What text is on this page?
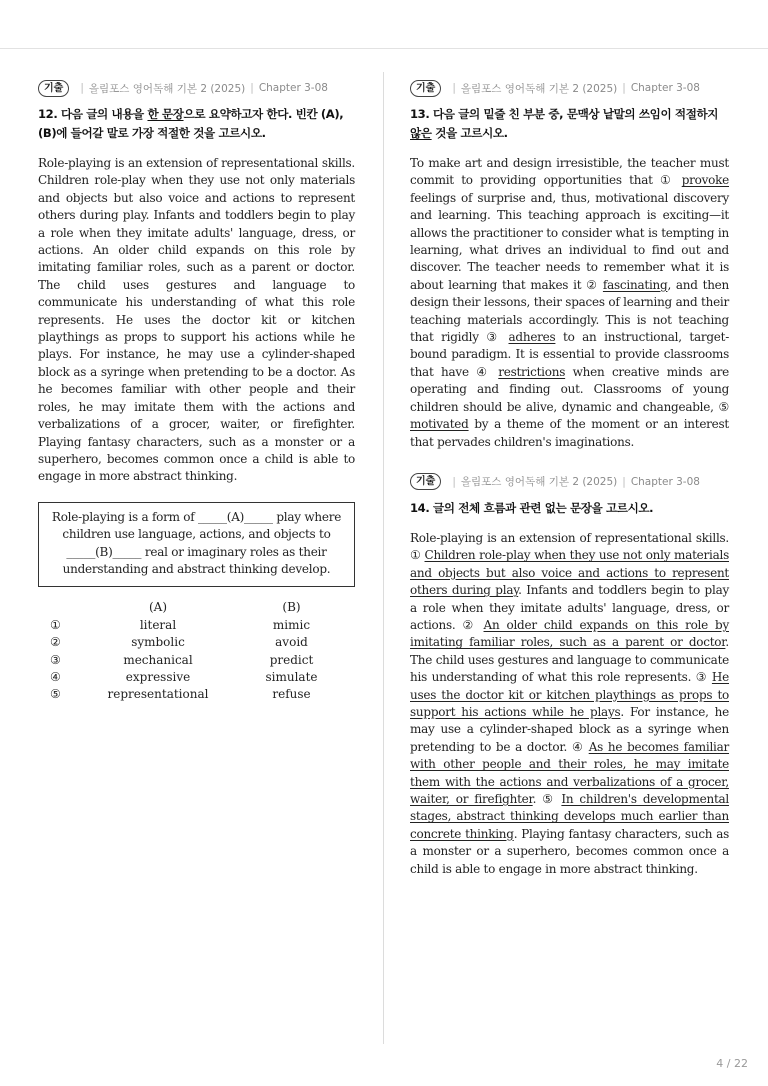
기출	| 올림포스 영어독해 기본 2 (2025) | Chapter 3-08
12. 다음 글의 내용을 한 문장으로 요약하고자 한다. 빈칸 (A), (B)에 들어갈 말로 가장 적절한 것을 고르시오.
Role-playing is an extension of representational skills. Children role-play when they use not only materials and objects but also voice and actions to represent others during play. Infants and toddlers begin to play a role when they imitate adults' language, dress, or actions. An older child expands on this role by imitating familiar roles, such as a parent or doctor. The child uses gestures and language to communicate his understanding of what this role represents. He uses the doctor kit or kitchen playthings as props to support his actions while he plays. For instance, he may use a cylinder-shaped block as a syringe when pretending to be a doctor. As he becomes familiar with other people and their roles, he may imitate them with the actions and verbalizations of a grocer, waiter, or firefighter. Playing fantasy characters, such as a monster or a superhero, becomes common once a child is able to engage in more abstract thinking.
Role-playing is a form of _____(A)_____ play where children use language, actions, and objects to _____(B)_____ real or imaginary roles as their understanding and abstract thinking develop.
	(A)	(B)
①	literal	mimic
②	symbolic	avoid
③	mechanical	predict
④	expressive	simulate
⑤	representational	refuse
기출	| 올림포스 영어독해 기본 2 (2025) | Chapter 3-08
13. 다음 글의 밑줄 친 부분 중, 문맥상 낱말의 쓰임이 적절하지 않은 것을 고르시오.
To make art and design irresistible, the teacher must commit to providing opportunities that ① provoke feelings of surprise and, thus, motivational discovery and learning. This teaching approach is exciting—it allows the practitioner to consider what is tempting in learning, what drives an individual to find out and discover. The teacher needs to remember what it is about learning that makes it ② fascinating, and then design their lessons, their spaces of learning and their teaching materials accordingly. This is not teaching that rigidly ③ adheres to an instructional, target-bound paradigm. It is essential to provide classrooms that have ④ restrictions when creative minds are operating and finding out. Classrooms of young children should be alive, dynamic and changeable, ⑤ motivated by a theme of the moment or an interest that pervades children's imaginations.
기출	| 올림포스 영어독해 기본 2 (2025) | Chapter 3-08
14. 글의 전체 흐름과 관련 없는 문장을 고르시오.
Role-playing is an extension of representational skills. ① Children role-play when they use not only materials and objects but also voice and actions to represent others during play. Infants and toddlers begin to play a role when they imitate adults' language, dress, or actions. ② An older child expands on this role by imitating familiar roles, such as a parent or doctor. The child uses gestures and language to communicate his understanding of what this role represents. ③ He uses the doctor kit or kitchen playthings as props to support his actions while he plays. For instance, he may use a cylinder-shaped block as a syringe when pretending to be a doctor. ④ As he becomes familiar with other people and their roles, he may imitate them with the actions and verbalizations of a grocer, waiter, or firefighter. ⑤ In children's developmental stages, abstract thinking develops much earlier than concrete thinking. Playing fantasy characters, such as a monster or a superhero, becomes common once a child is able to engage in more abstract thinking.
4 / 22
